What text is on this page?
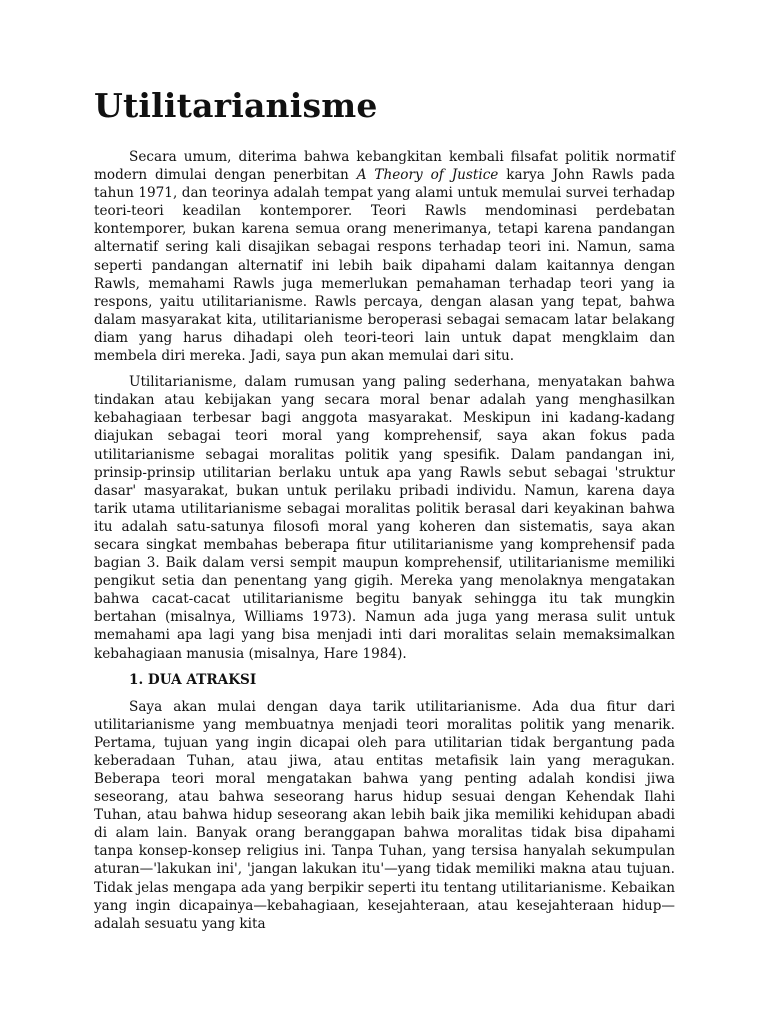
Utilitarianisme

Secara umum, diterima bahwa kebangkitan kembali filsafat politik normatif modern dimulai dengan penerbitan A Theory of Justice karya John Rawls pada tahun 1971, dan teorinya adalah tempat yang alami untuk memulai survei terhadap teori-teori keadilan kontemporer. Teori Rawls mendominasi perdebatan kontemporer, bukan karena semua orang menerimanya, tetapi karena pandangan alternatif sering kali disajikan sebagai respons terhadap teori ini. Namun, sama seperti pandangan alternatif ini lebih baik dipahami dalam kaitannya dengan Rawls, memahami Rawls juga memerlukan pemahaman terhadap teori yang ia respons, yaitu utilitarianisme. Rawls percaya, dengan alasan yang tepat, bahwa dalam masyarakat kita, utilitarianisme beroperasi sebagai semacam latar belakang diam yang harus dihadapi oleh teori-teori lain untuk dapat mengklaim dan membela diri mereka. Jadi, saya pun akan memulai dari situ.

Utilitarianisme, dalam rumusan yang paling sederhana, menyatakan bahwa tindakan atau kebijakan yang secara moral benar adalah yang menghasilkan kebahagiaan terbesar bagi anggota masyarakat. Meskipun ini kadang-kadang diajukan sebagai teori moral yang komprehensif, saya akan fokus pada utilitarianisme sebagai moralitas politik yang spesifik. Dalam pandangan ini, prinsip-prinsip utilitarian berlaku untuk apa yang Rawls sebut sebagai 'struktur dasar' masyarakat, bukan untuk perilaku pribadi individu. Namun, karena daya tarik utama utilitarianisme sebagai moralitas politik berasal dari keyakinan bahwa itu adalah satu-satunya filosofi moral yang koheren dan sistematis, saya akan secara singkat membahas beberapa fitur utilitarianisme yang komprehensif pada bagian 3. Baik dalam versi sempit maupun komprehensif, utilitarianisme memiliki pengikut setia dan penentang yang gigih. Mereka yang menolaknya mengatakan bahwa cacat-cacat utilitarianisme begitu banyak sehingga itu tak mungkin bertahan (misalnya, Williams 1973). Namun ada juga yang merasa sulit untuk memahami apa lagi yang bisa menjadi inti dari moralitas selain memaksimalkan kebahagiaan manusia (misalnya, Hare 1984).

1. DUA ATRAKSI

Saya akan mulai dengan daya tarik utilitarianisme. Ada dua fitur dari utilitarianisme yang membuatnya menjadi teori moralitas politik yang menarik. Pertama, tujuan yang ingin dicapai oleh para utilitarian tidak bergantung pada keberadaan Tuhan, atau jiwa, atau entitas metafisik lain yang meragukan. Beberapa teori moral mengatakan bahwa yang penting adalah kondisi jiwa seseorang, atau bahwa seseorang harus hidup sesuai dengan Kehendak Ilahi Tuhan, atau bahwa hidup seseorang akan lebih baik jika memiliki kehidupan abadi di alam lain. Banyak orang beranggapan bahwa moralitas tidak bisa dipahami tanpa konsep-konsep religius ini. Tanpa Tuhan, yang tersisa hanyalah sekumpulan aturan—'lakukan ini', 'jangan lakukan itu'—yang tidak memiliki makna atau tujuan. Tidak jelas mengapa ada yang berpikir seperti itu tentang utilitarianisme. Kebaikan yang ingin dicapainya—kebahagiaan, kesejahteraan, atau kesejahteraan hidup—adalah sesuatu yang kita
